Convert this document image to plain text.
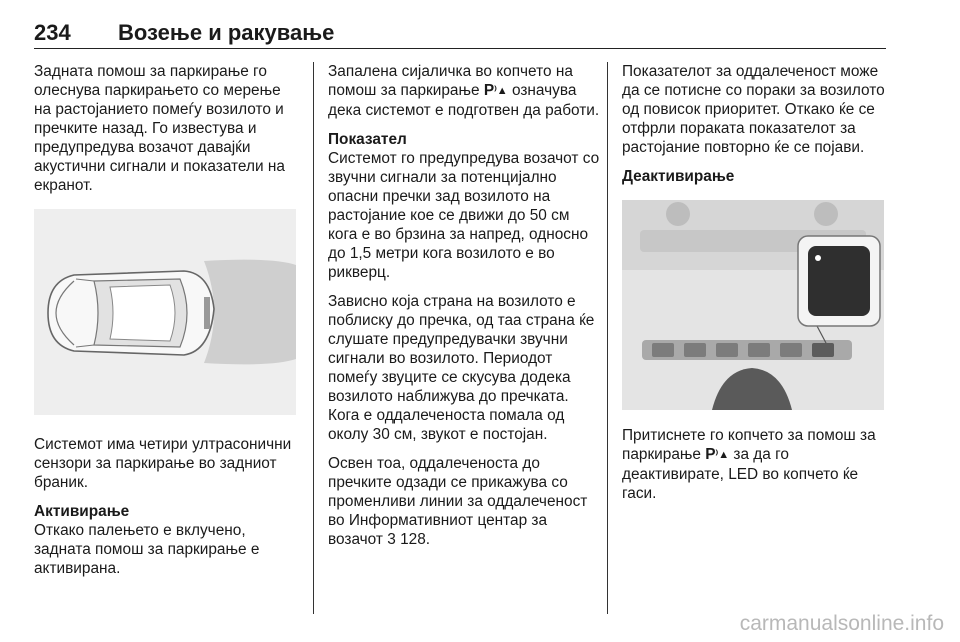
234 Возење и ракување

Задната помош за паркирање го олеснува паркирањето со мерење на растојанието помеѓу возилото и пречките назад. Го известува и предупредува возачот давајќи акустични сигнали и показатели на екранот.

Системот има четири ултрасонични сензори за паркирање во задниот браник.

Активирање

Откако палењето е вклучено, задната помош за паркирање е активирана.

Запалена сијаличка во копчето на помош за паркирање P⁾▲ означува дека системот е подготвен да работи.

Показател

Системот го предупредува возачот со звучни сигнали за потенцијално опасни пречки зад возилото на растојание кое се движи до 50 см кога е во брзина за напред, односно до 1,5 метри кога возилото е во рикверц.

Зависно која страна на возилото е поблиску до пречка, од таа страна ќе слушате предупредувачки звучни сигнали во возилото. Периодот помеѓу звуците се скусува додека возилото наближува до пречката. Кога е оддалеченоста помала од околу 30 см, звукот е постојан.

Освен тоа, оддалеченоста до пречките одзади се прикажува со променливи линии за оддалеченост во Информативниот центар за возачот 3 128.

Показателот за оддалеченост може да се потисне со пораки за возилото од повисок приоритет. Откако ќе се отфрли пораката показателот за растојание повторно ќе се појави.

Деактивирање

Притиснете го копчето за помош за паркирање P⁾▲ за да го деактивирате, LED во копчето ќе гаси.

carmanualsonline.info
